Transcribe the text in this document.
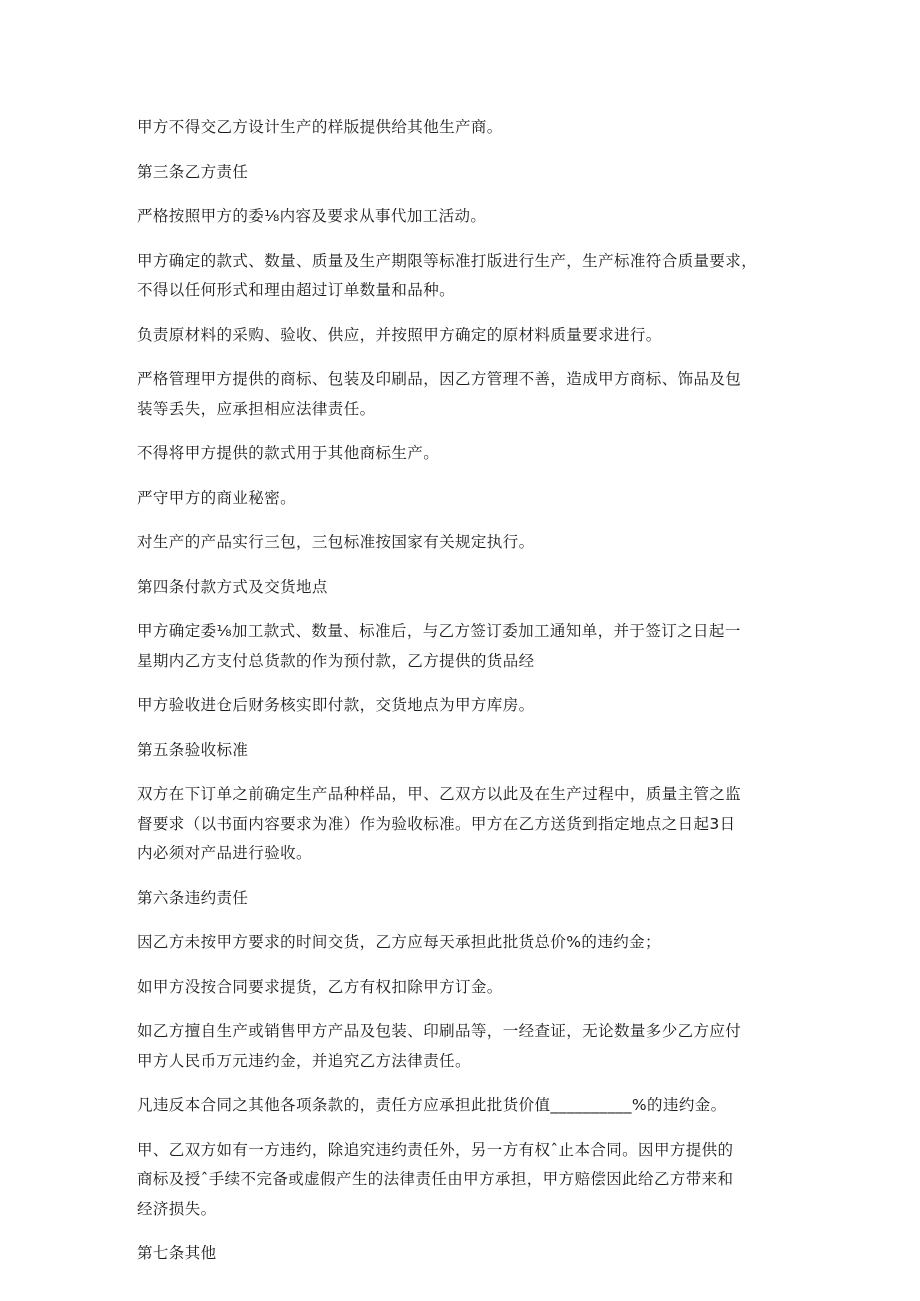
甲方不得交乙方设计生产的样版提供给其他生产商。
第三条乙方责任
严格按照甲方的委⅛内容及要求从事代加工活动。
甲方确定的款式、数量、质量及生产期限等标准打版进行生产，生产标准符合质量要求，
不得以任何形式和理由超过订单数量和品种。
负责原材料的采购、验收、供应，并按照甲方确定的原材料质量要求进行。
严格管理甲方提供的商标、包装及印刷品，因乙方管理不善，造成甲方商标、饰品及包
装等丢失，应承担相应法律责任。
不得将甲方提供的款式用于其他商标生产。
严守甲方的商业秘密。
对生产的产品实行三包，三包标准按国家有关规定执行。
第四条付款方式及交货地点
甲方确定委⅛加工款式、数量、标准后，与乙方签订委加工通知单，并于签订之日起一
星期内乙方支付总货款的作为预付款，乙方提供的货品经
甲方验收进仓后财务核实即付款，交货地点为甲方库房。
第五条验收标准
双方在下订单之前确定生产品种样品，甲、乙双方以此及在生产过程中，质量主管之监
督要求（以书面内容要求为准）作为验收标准。甲方在乙方送货到指定地点之日起3日
内必须对产品进行验收。
第六条违约责任
因乙方未按甲方要求的时间交货，乙方应每天承担此批货总价%的违约金；
如甲方没按合同要求提货，乙方有权扣除甲方订金。
如乙方擅自生产或销售甲方产品及包装、印刷品等，一经查证，无论数量多少乙方应付
甲方人民币万元违约金，并追究乙方法律责任。
凡违反本合同之其他各项条款的，责任方应承担此批货价值__________%的违约金。
甲、乙双方如有一方违约，除追究违约责任外，另一方有权ˆ止本合同。因甲方提供的
商标及授ˆ手续不完备或虚假产生的法律责任由甲方承担，甲方赔偿因此给乙方带来和
经济损失。
第七条其他
